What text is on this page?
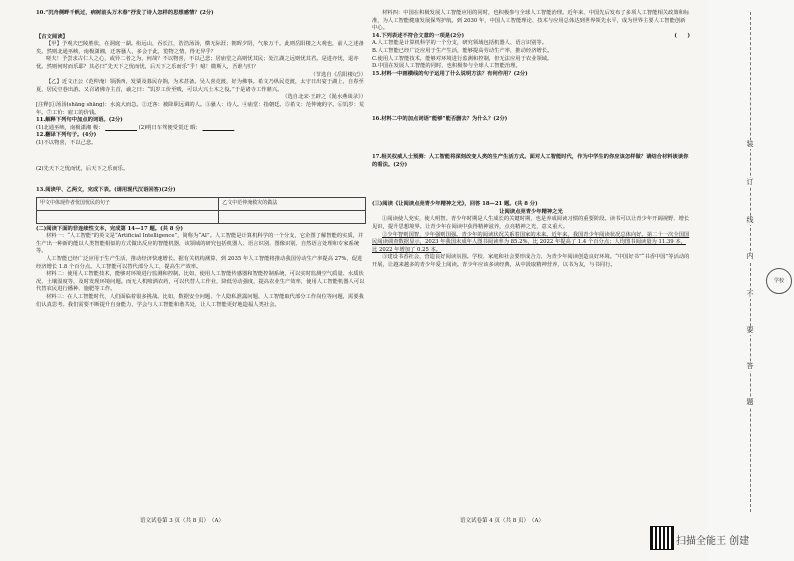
10.“沉舟侧畔千帆过，病树前头万木春”抒发了诗人怎样的思想感情？(2分)

【古文阅读】

【甲】予观夫巴陵胜状，在洞庭一湖。衔远山，吞长江，浩浩汤汤，横无际涯；朝晖夕阴，气象万千。此则岳阳楼之大观也，前人之述备矣。然则北通巫峡，南极潇湘，迁客骚人，多会于此，览物之情，得无异乎？

嗟夫！予尝求古仁人之心，或异二者之为，何哉？不以物喜，不以己悲；居庙堂之高则忧其民；处江湖之远则忧其君。是进亦忧，退亦忧。然则何时而乐耶？其必曰“先天下之忧而忧，后天下之乐而乐”乎！噫！微斯人，吾谁与归？

（节选自《岳阳楼记》）

【乙】近文正公（范仲淹）领浙西，发粟及募民存饷，为术甚备。吴人喜竞渡，好为佛事。希文乃纵民竞渡，太守日出宴于湖上，自春至夏，居民空巷出游。又召诸佛寺主首，谕之曰：“饥岁工价至贱，可以大兴土木之役。”于是诸寺工作鼎兴。

（选自北宋·王辟之《渑水燕谈录》）

[注释]①汤汤(shāng shāng)：水流大而急。②迁客：被降职远调的人。③骚人：诗人。④庙堂：指朝廷。⑤希文：范仲淹的字。⑥饥岁：荒年。⑦工价：雇工的价钱。

11.解释下列句中加点的词语。(2分)

(1)北通巫峡，南极潇湘 极： 　　　　　　	(2)明日车驾便受贺迁 暇： 　　　　　　

12.翻译下列句子。(4分)

(1)不以物喜，不以己悲。

(2)先天下之忧而忧，后天下之乐而乐。

13.阅读甲、乙两文，完成下表。(请用现代汉语回答)(2分)

甲文中体现作者忧国忧民的句子	乙文中范仲淹救灾的做法

(二)阅读下面的非连续性文本，完成第 14—17 题。(共 8 分)

材料一：“人工智能”的英文是“Artificial Intelligence”，简称为“AI”。人工智能是计算机科学的一个分支，它企图了解智能的实质，并生产出一种新的能以人类智能相似的方式做出反应的智能机器，该领域的研究包括机器人、语言识别、图像识别、自然语言处理和专家系统等。

人工智能已经广泛应用于生产生活，推动经济快速增长。据有关机构测算，到 2035 年人工智能将推动我国劳动生产率提高 27%，促进经济增长 1.8 个百分点。人工智能可以替代部分人工，提高生产效率。

材料二：使用人工智能技术，能够对环境进行监测和控制。比如，使用人工智能传感器和智能控制系统，可以实时监测空气质量、水质状况、土壤湿度等，及时发现环境问题。而无人机喷洒农药，可以代替人工作业，降低劳动强度，提高农业生产效率，使用人工智能机器人可以代替农民进行播种、施肥等工作。

材料三：在人工智能时代，人们面临着很多挑战。比如，数据安全问题、个人隐私泄露问题、人工智能取代部分工作岗位等问题，需要我们认真思考。我们需要不断提升自身能力，学会与人工智能和谐共处，让人工智能更好地造福人类社会。

材料四：中国在积极发展人工智能应用的同时，也积极参与全球人工智能治理。近年来，中国先后发布了多项人工智能相关政策和标准，为人工智能健康发展保驾护航。到 2030 年，中国人工智能理论、技术与应用总体达到世界领先水平，成为世界主要人工智能创新中心。

14.下列表述不符合文意的一项是(2分)	(　　)

A.人工智能是计算机科学的一个分支，研究领域包括机器人、语言识别等。

B.人工智能已经广泛应用于生产生活，能够提高劳动生产率，推动经济增长。

C.使用人工智能技术，能够对环境进行监测和控制，但无法应用于农业领域。

D.中国在发展人工智能的同时，也积极参与全球人工智能治理。

15.材料一中画横线的句子运用了什么说明方法？有何作用？(2分)

16.材料二中的加点词语“能够”能否删去？为什么？(2分)

17.相关权威人士预测：人工智能将深刻改变人类的生产生活方式。面对人工智能时代，作为中学生的你应该怎样做？请结合材料谈谈你的看法。(2分)

(三)阅读《让阅读点亮青少年精神之光》，回答 18—21 题。(共 8 分)

让阅读点亮青少年精神之光

①阅读使人充实，使人明智。青少年时期是人生成长的关键时期，也是养成阅读习惯的重要阶段。读书可以让青少年开阔视野、增长见识，提升思想境界。让青少年在阅读中获得精神滋养，点亮精神之光，意义重大。

②少年智则国智，少年强则国强。青少年的阅读状况关系着国家的未来。近年来，我国青少年阅读状况总体向好。第二十一次全国国民阅读调查数据显示，2023 年我国未成年人图书阅读率为 85.2%，比 2022 年提高了 1.4 个百分点；人均图书阅读量为 11.39 本，比 2022 年增加了 0.25 本。

③建设书香社会，营造良好阅读氛围。学校、家庭和社会要形成合力，为青少年阅读创造良好环境。“中国好书”“书香中国”等活动的开展，让越来越多的青少年爱上阅读。青少年应该多读经典，从中汲取精神营养，以书为友，与书同行。

语文试卷第 3 页（共 8 页）　（A）	语文试卷第 4 页（共 8 页）　（A）
装
订
线
内
不
要
答
题
学校
扫描全能王 创建
